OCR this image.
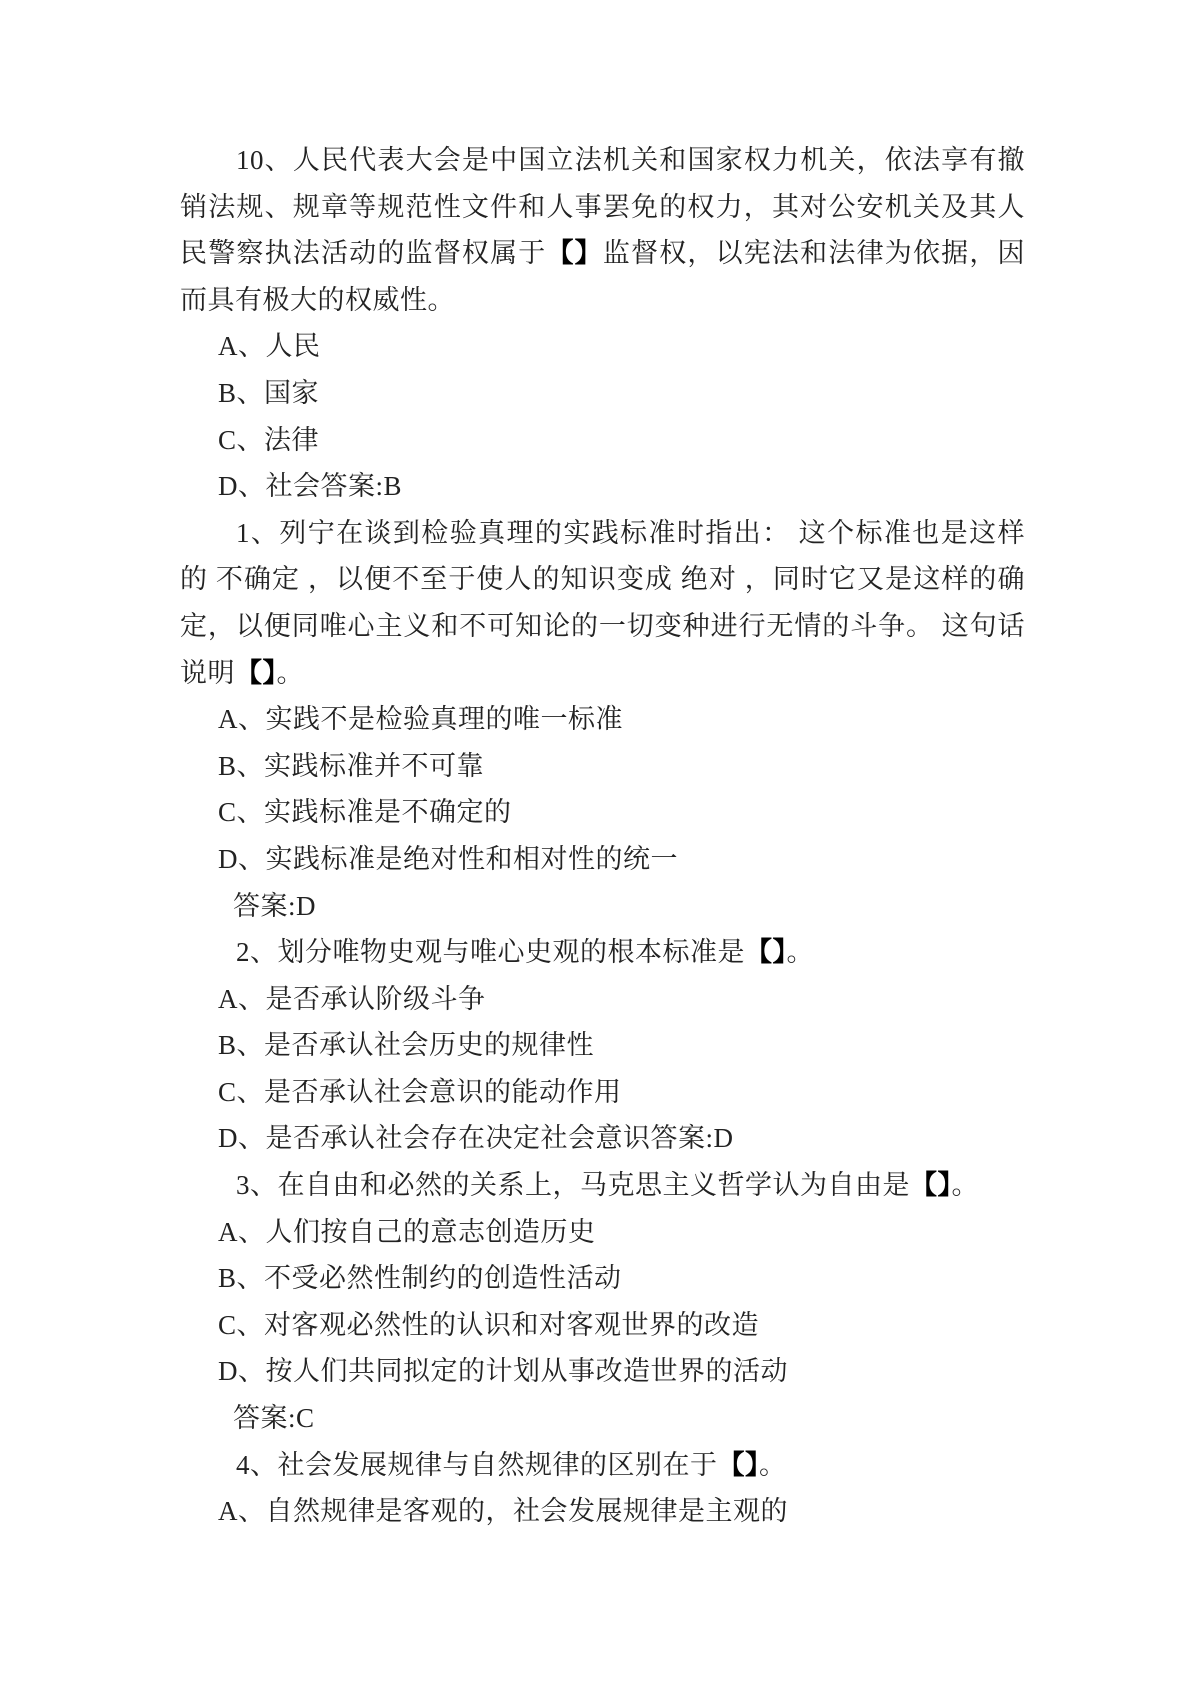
10、人民代表大会是中国立法机关和国家权力机关，依法享有撤
销法规、规章等规范性文件和人事罢免的权力，其对公安机关及其人
民警察执法活动的监督权属于【】监督权，以宪法和法律为依据，因
而具有极大的权威性。
A、人民
B、国家
C、法律
D、社会答案:B
1、列宁在谈到检验真理的实践标准时指出： 这个标准也是这样
的 不确定 ，以便不至于使人的知识变成 绝对 ，同时它又是这样的确
定，以便同唯心主义和不可知论的一切变种进行无情的斗争。 这句话
说明【】。
A、实践不是检验真理的唯一标准
B、实践标准并不可靠
C、实践标准是不确定的
D、实践标准是绝对性和相对性的统一
答案:D
2、划分唯物史观与唯心史观的根本标准是【】。
A、是否承认阶级斗争
B、是否承认社会历史的规律性
C、是否承认社会意识的能动作用
D、是否承认社会存在决定社会意识答案:D
3、在自由和必然的关系上，马克思主义哲学认为自由是【】。
A、人们按自己的意志创造历史
B、不受必然性制约的创造性活动
C、对客观必然性的认识和对客观世界的改造
D、按人们共同拟定的计划从事改造世界的活动
答案:C
4、社会发展规律与自然规律的区别在于【】。
A、自然规律是客观的，社会发展规律是主观的
